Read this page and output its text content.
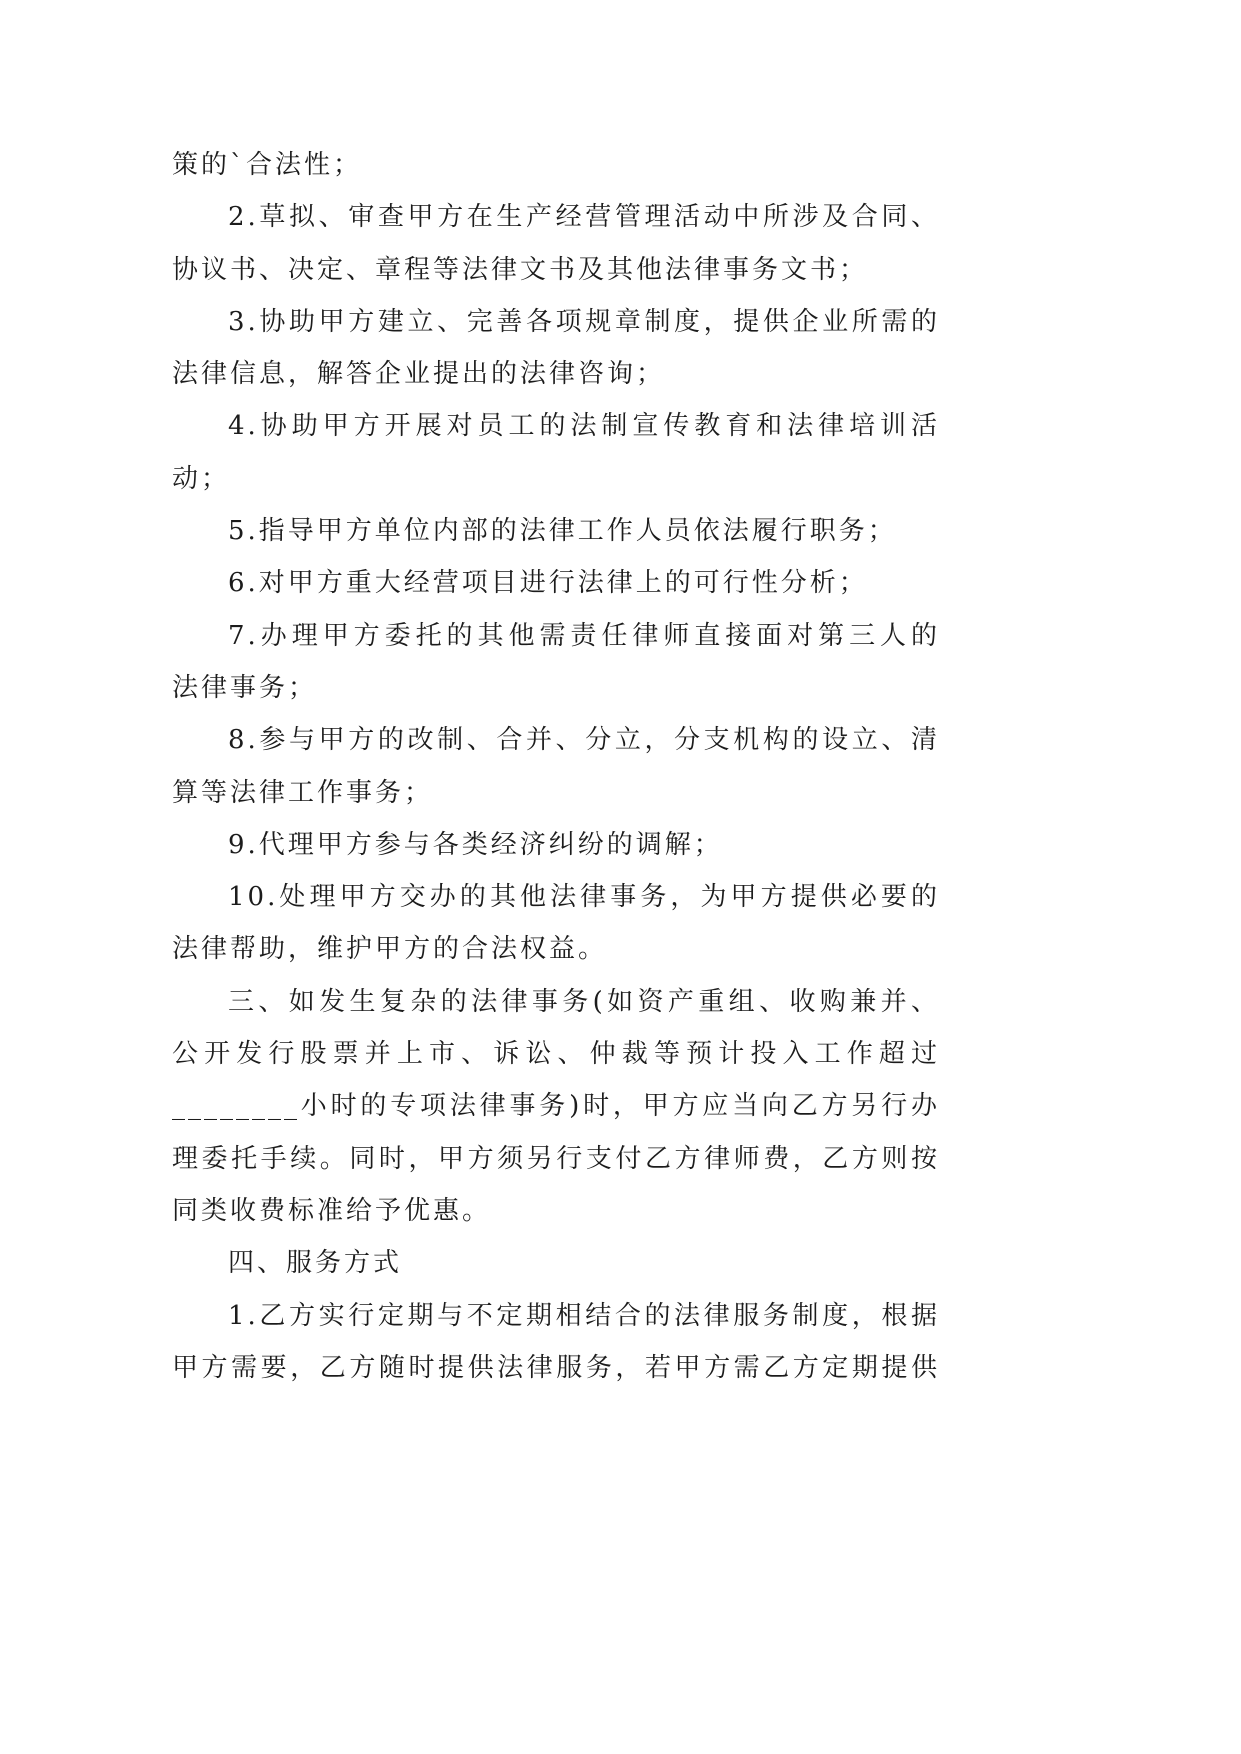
策的`合法性；
2.草拟、审查甲方在生产经营管理活动中所涉及合同、
协议书、决定、章程等法律文书及其他法律事务文书；
3.协助甲方建立、完善各项规章制度，提供企业所需的
法律信息，解答企业提出的法律咨询；
4.协助甲方开展对员工的法制宣传教育和法律培训活
动；
5.指导甲方单位内部的法律工作人员依法履行职务；
6.对甲方重大经营项目进行法律上的可行性分析；
7.办理甲方委托的其他需责任律师直接面对第三人的
法律事务；
8.参与甲方的改制、合并、分立，分支机构的设立、清
算等法律工作事务；
9.代理甲方参与各类经济纠纷的调解；
10.处理甲方交办的其他法律事务，为甲方提供必要的
法律帮助，维护甲方的合法权益。
三、如发生复杂的法律事务(如资产重组、收购兼并、
公开发行股票并上市、诉讼、仲裁等预计投入工作超过
________小时的专项法律事务)时，甲方应当向乙方另行办
理委托手续。同时，甲方须另行支付乙方律师费，乙方则按
同类收费标准给予优惠。
四、服务方式
1.乙方实行定期与不定期相结合的法律服务制度，根据
甲方需要，乙方随时提供法律服务，若甲方需乙方定期提供
